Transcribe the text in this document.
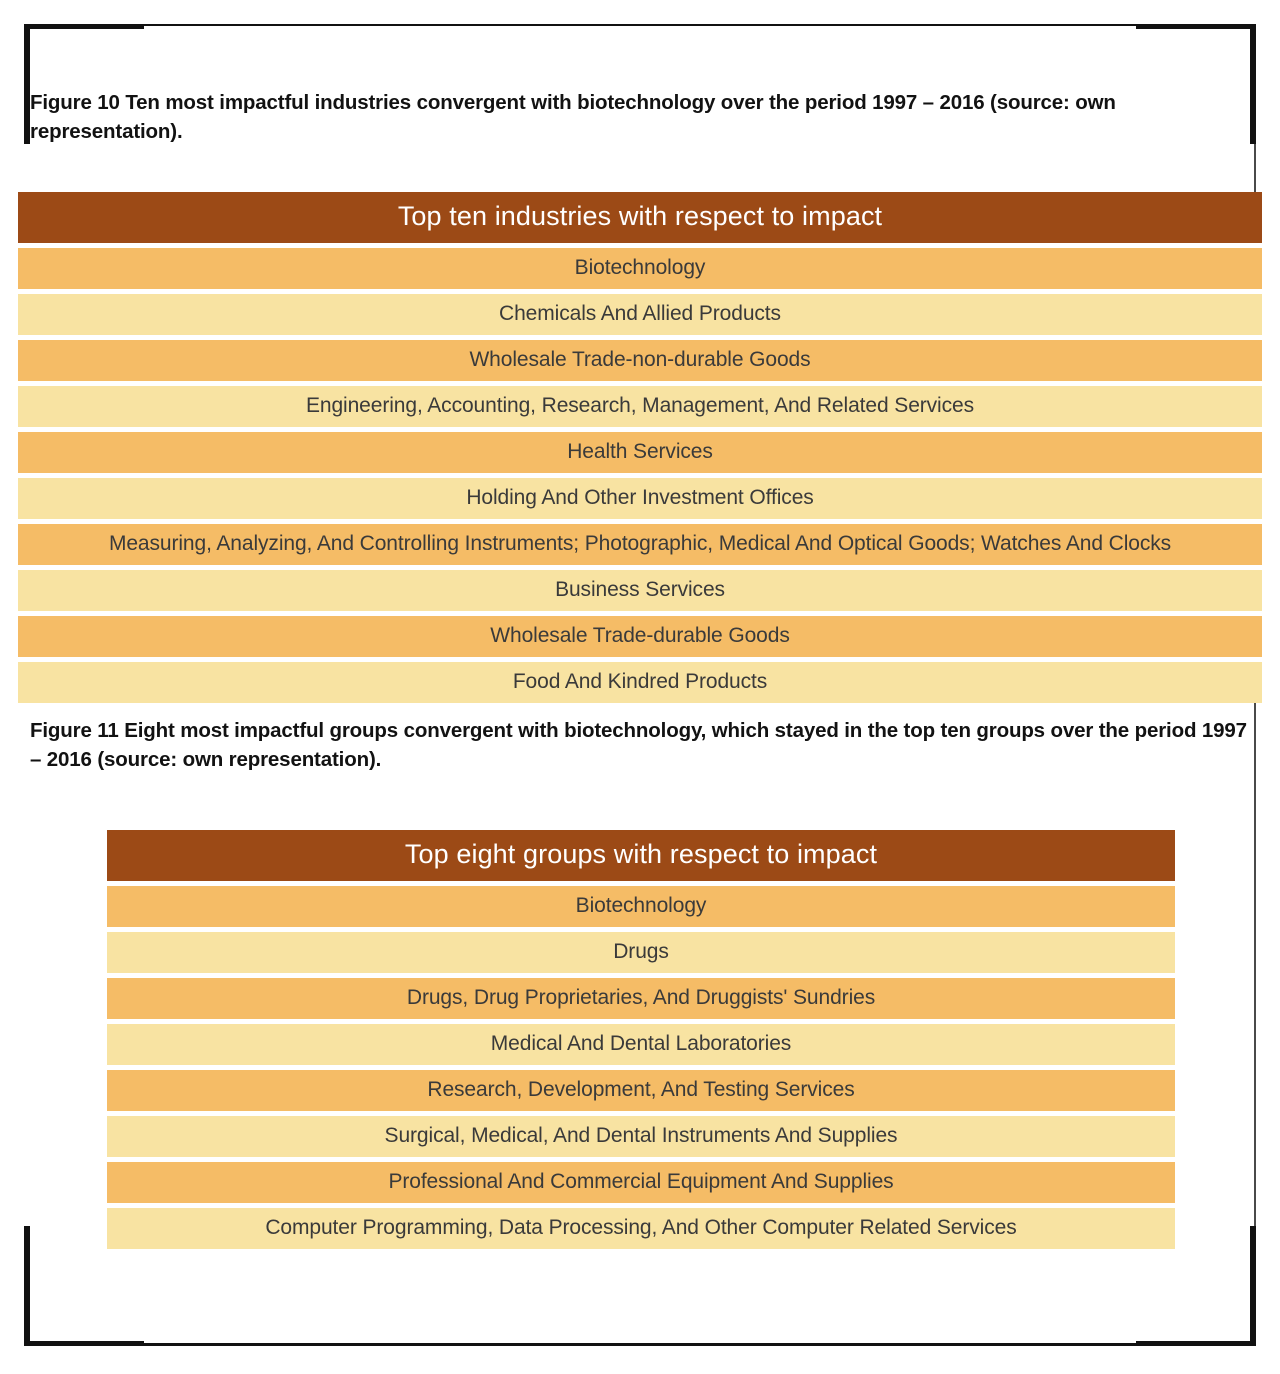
Figure 10 Ten most impactful industries convergent with biotechnology over the period 1997 – 2016 (source: own representation).
Top ten industries with respect to impact

Biotechnology

Chemicals And Allied Products

Wholesale Trade-non-durable Goods

Engineering, Accounting, Research, Management, And Related Services

Health Services

Holding And Other Investment Offices

Measuring, Analyzing, And Controlling Instruments; Photographic, Medical And Optical Goods; Watches And Clocks

Business Services

Wholesale Trade-durable Goods

Food And Kindred Products
Figure 11 Eight most impactful groups convergent with biotechnology, which stayed in the top ten groups over the period 1997 – 2016 (source: own representation).
Top eight groups with respect to impact

Biotechnology

Drugs

Drugs, Drug Proprietaries, And Druggists' Sundries

Medical And Dental Laboratories

Research, Development, And Testing Services

Surgical, Medical, And Dental Instruments And Supplies

Professional And Commercial Equipment And Supplies

Computer Programming, Data Processing, And Other Computer Related Services
